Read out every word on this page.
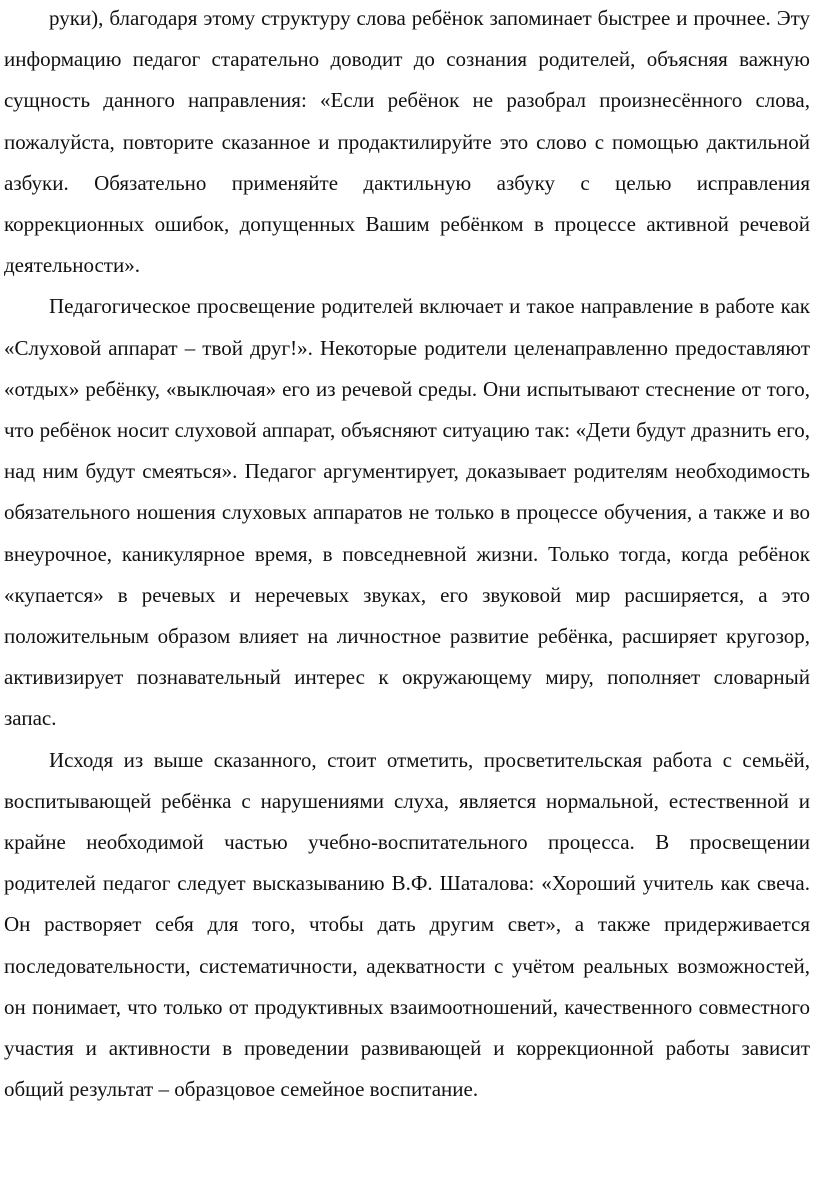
руки), благодаря этому структуру слова ребёнок запоминает быстрее и прочнее. Эту информацию педагог старательно доводит до сознания родителей, объясняя важную сущность данного направления: «Если ребёнок не разобрал произнесённого слова, пожалуйста, повторите сказанное и продактилируйте это слово с помощью дактильной азбуки. Обязательно применяйте дактильную азбуку с целью исправления коррекционных ошибок, допущенных Вашим ребёнком в процессе активной речевой деятельности».

Педагогическое просвещение родителей включает и такое направление в работе как «Слуховой аппарат – твой друг!». Некоторые родители целенаправленно предоставляют «отдых» ребёнку, «выключая» его из речевой среды. Они испытывают стеснение от того, что ребёнок носит слуховой аппарат, объясняют ситуацию так: «Дети будут дразнить его, над ним будут смеяться». Педагог аргументирует, доказывает родителям необходимость обязательного ношения слуховых аппаратов не только в процессе обучения, а также и во внеурочное, каникулярное время, в повседневной жизни. Только тогда, когда ребёнок «купается» в речевых и неречевых звуках, его звуковой мир расширяется, а это положительным образом влияет на личностное развитие ребёнка, расширяет кругозор, активизирует познавательный интерес к окружающему миру, пополняет словарный запас.

Исходя из выше сказанного, стоит отметить, просветительская работа с семьёй, воспитывающей ребёнка с нарушениями слуха, является нормальной, естественной и крайне необходимой частью учебно-воспитательного процесса. В просвещении родителей педагог следует высказыванию В.Ф. Шаталова: «Хороший учитель как свеча. Он растворяет себя для того, чтобы дать другим свет», а также придерживается последовательности, систематичности, адекватности с учётом реальных возможностей, он понимает, что только от продуктивных взаимоотношений, качественного совместного участия и активности в проведении развивающей и коррекционной работы зависит общий результат – образцовое семейное воспитание.
